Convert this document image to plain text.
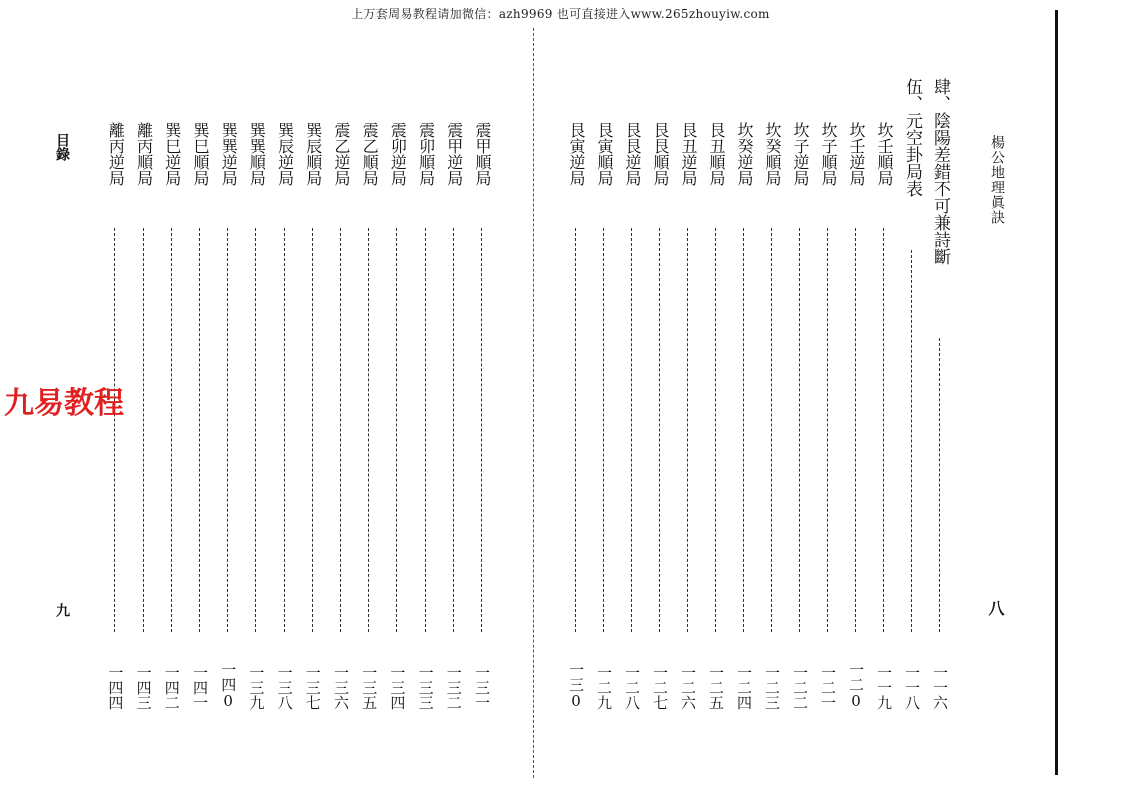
上万套周易教程请加微信：azh9969 也可直接进入www.265zhouyiw.com
目錄
九
楊公地理眞訣
八
震甲順局
一三一
震甲逆局
一三二
震卯順局
一三三
震卯逆局
一三四
震乙順局
一三五
震乙逆局
一三六
巽辰順局
一三七
巽辰逆局
一三八
巽巽順局
一三九
巽巽逆局
一四0
巽巳順局
一四一
巽巳逆局
一四二
離丙順局
一四三
離丙逆局
一四四
肆、陰陽差錯不可兼詩斷
一一六
伍、元空卦局表
一一八
坎壬順局
一一九
坎壬逆局
一二0
坎子順局
一二一
坎子逆局
一二二
坎癸順局
一二三
坎癸逆局
一二四
艮丑順局
一二五
艮丑逆局
一二六
艮艮順局
一二七
艮艮逆局
一二八
艮寅順局
一二九
艮寅逆局
一三0
九易教程
